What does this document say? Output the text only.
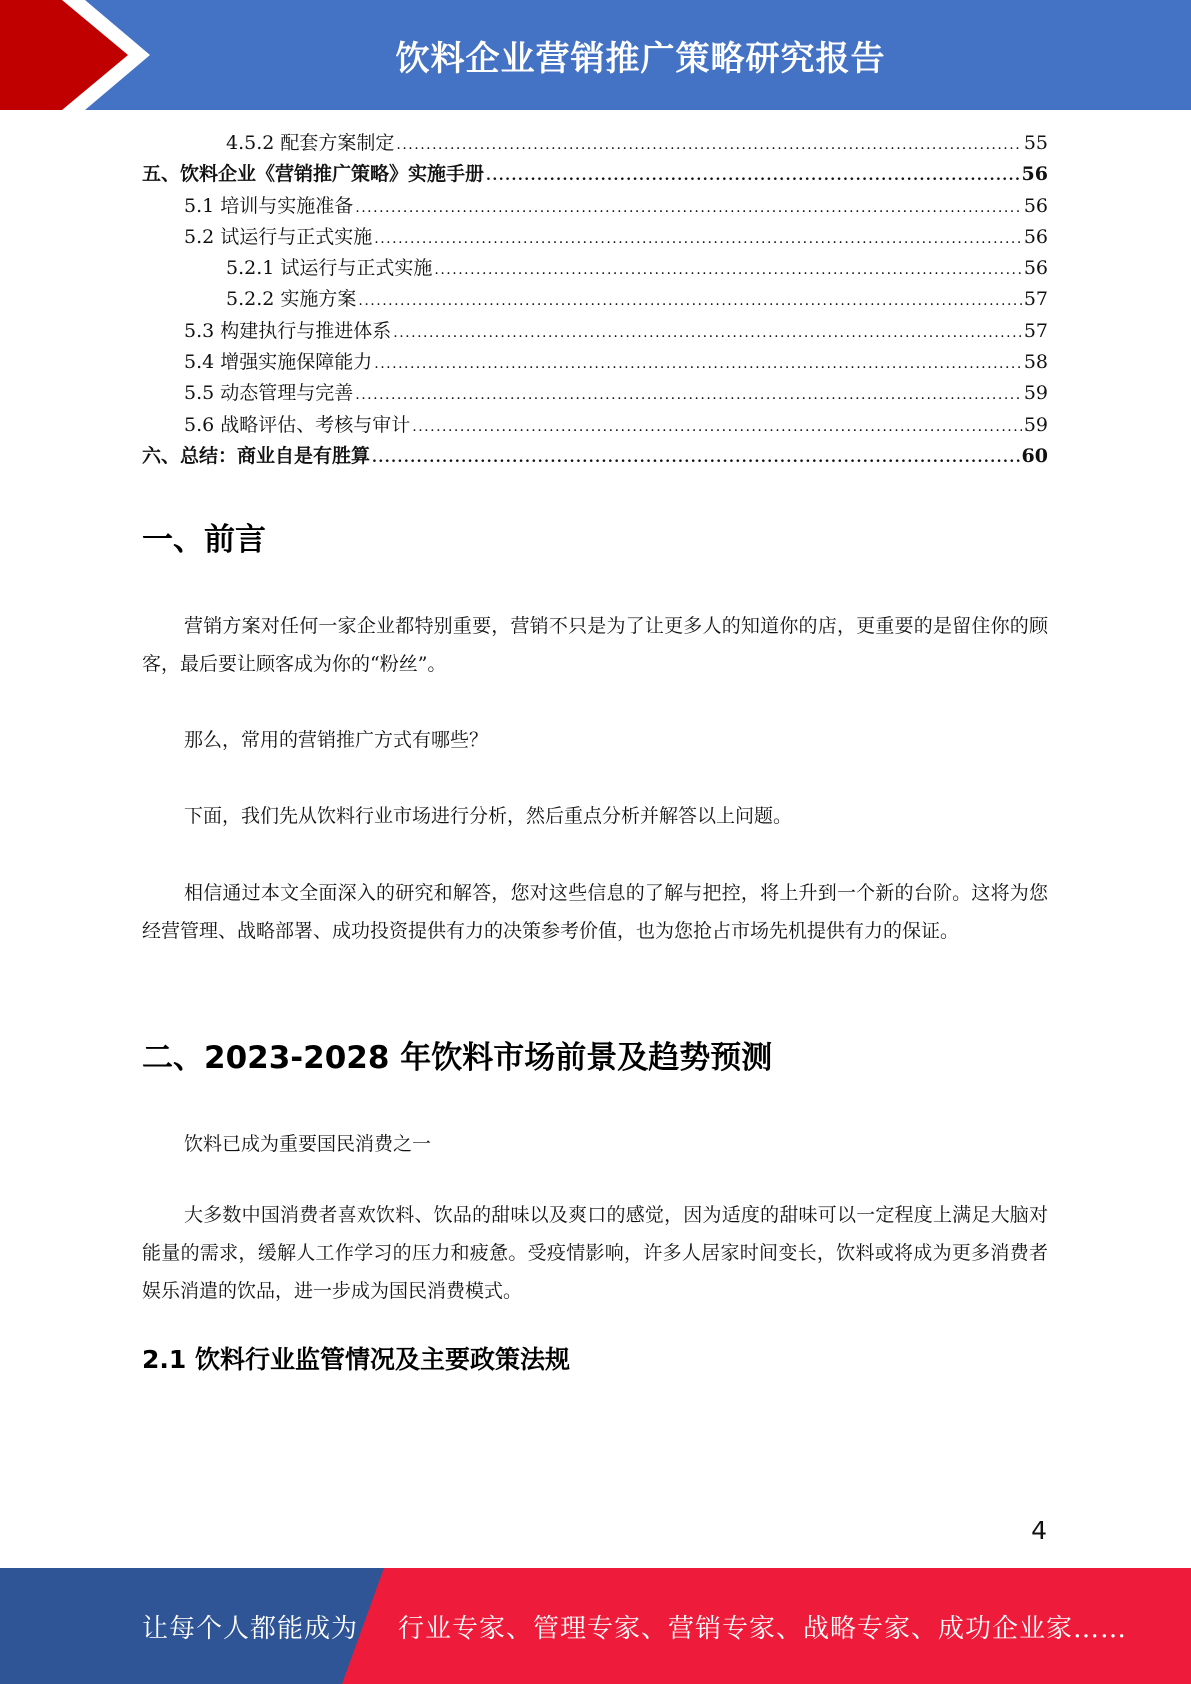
饮料企业营销推广策略研究报告
4.5.2 配套方案制定 .....	55
五、饮料企业《营销推广策略》实施手册 .....	56
5.1 培训与实施准备 .....	56
5.2 试运行与正式实施 .....	56
5.2.1 试运行与正式实施 .....	56
5.2.2 实施方案 .....	57
5.3 构建执行与推进体系 .....	57
5.4 增强实施保障能力 .....	58
5.5 动态管理与完善 .....	59
5.6 战略评估、考核与审计 .....	59
六、总结：商业自是有胜算 .....	60
一、前言

营销方案对任何一家企业都特别重要，营销不只是为了让更多人的知道你的店，更重要的是留住你的顾客，最后要让顾客成为你的“粉丝”。

那么，常用的营销推广方式有哪些？

下面，我们先从饮料行业市场进行分析，然后重点分析并解答以上问题。

相信通过本文全面深入的研究和解答，您对这些信息的了解与把控，将上升到一个新的台阶。这将为您经营管理、战略部署、成功投资提供有力的决策参考价值，也为您抢占市场先机提供有力的保证。

二、2023-2028 年饮料市场前景及趋势预测

饮料已成为重要国民消费之一

大多数中国消费者喜欢饮料、饮品的甜味以及爽口的感觉，因为适度的甜味可以一定程度上满足大脑对能量的需求，缓解人工作学习的压力和疲惫。受疫情影响，许多人居家时间变长，饮料或将成为更多消费者娱乐消遣的饮品，进一步成为国民消费模式。

2.1 饮料行业监管情况及主要政策法规
4
让每个人都能成为 行业专家、管理专家、营销专家、战略专家、成功企业家……
